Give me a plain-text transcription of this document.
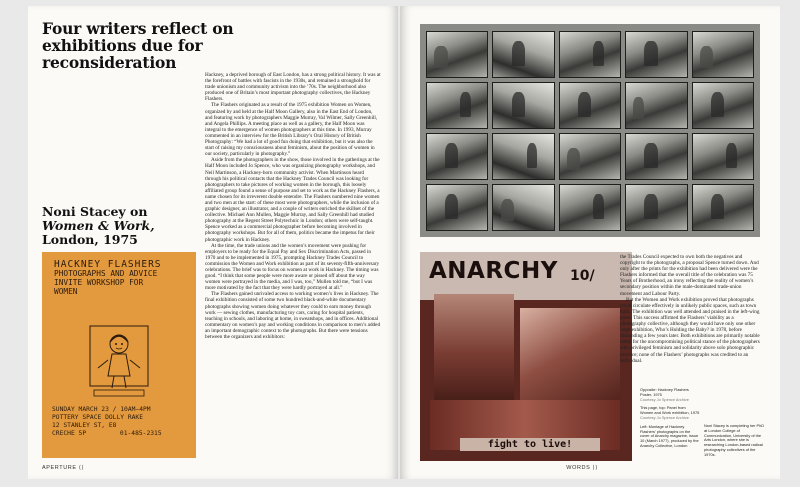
Four writers reflect on exhibitions due for reconsideration

Hackney, a deprived borough of East London, has a strong political history. It was at the forefront of battles with fascists in the 1930s, and remained a stronghold for trade unionism and community activism into the ’70s. The neighborhood also produced one of Britain’s most important photography collectives, the Hackney Flashers.

The Flashers originated as a result of the 1975 exhibition Women on Women, organized by and held at the Half Moon Gallery, also in the East End of London, and featuring work by photographers Maggie Murray, Val Wilmer, Sally Greenhill, and Angela Phillips. A meeting place as well as a gallery, the Half Moon was integral to the emergence of women photographers at this time. In 1993, Murray commented in an interview for the British Library’s Oral History of British Photography: “We had a lot of good fun doing that exhibition, but it was also the start of raising my consciousness about feminism, about the position of women in our society, particularly in photography.”

Aside from the photographers in the show, those involved in the gatherings at the Half Moon included Jo Spence, who was organizing photography workshops, and Neil Martinson, a Hackney-born community activist. When Martinson heard through his political contacts that the Hackney Trades Council was looking for photographers to take pictures of working women in the borough, this loosely affiliated group found a sense of purpose and set to work as the Hackney Flashers, a name chosen for its irreverent double entendre. The Flashers numbered nine women and two men at the start: of these most were photographers, while the inclusion of a graphic designer, an illustrator, and a couple of writers enriched the skillset of the collective. Michael Ann Mullen, Maggie Murray, and Sally Greenhill had studied photography at the Regent Street Polytechnic in London; others were self-taught. Spence worked as a commercial photographer before becoming involved in photography workshops. But for all of them, politics became the impetus for their photographic work in Hackney.

At the time, the trade unions and the women’s movement were pushing for employers to be ready for the Equal Pay and Sex Discrimination Acts, passed in 1970 and to be implemented in 1975, prompting Hackney Trades Council to commission the Women and Work exhibition as part of its seventy-fifth-anniversary celebrations. The brief was to focus on women at work in Hackney. The timing was good. “I think that some people were more aware or pissed off about the way women were portrayed in the media, and I was, too,” Mullen told me, “but I was more motivated by the fact that they were hardly portrayed at all.”

The Flashers gained unrivaled access to working women’s lives in Hackney. The final exhibition consisted of some two hundred black-and-white documentary photographs showing women doing whatever they could to earn money through work — sewing clothes, manufacturing toy cars, caring for hospital patients, teaching in schools, and laboring at home, in sweatshops, and in offices. Additional commentary on women’s pay and working conditions in comparison to men’s added an important demographic context to the photographs. But there were tensions between the organizers and exhibitors:

Noni Stacey on
Women & Work,
London, 1975
HACKNEY FLASHERS
PHOTOGRAPHS AND ADVICE
INVITE WORKSHOP FOR
WOMEN
SUNDAY MARCH 23 / 10AM–4PM
POTTERY SPACE DOLLY RAKE
12 STANLEY ST, E8
CRECHE 5P	01-485-2315
APERTURE ⟨⟨
ANARCHY 10/
fight to live!

the Trades Council expected to own both the negatives and copyright to the photographs, a proposal Spence turned down. And only after the prints for the exhibition had been delivered were the Flashers informed that the overall title of the celebration was 75 Years of Brotherhood, an irony reflecting the reality of women’s secondary position within the male-dominated trade-union movement and Labour Party.

But the Women and Work exhibition proved that photographs could circulate effectively in unlikely public spaces, such as town halls. The exhibition was well attended and praised in the left-wing press. This success affirmed the Flashers’ viability as a photography collective, although they would have only one other large exhibition, Who’s Holding the Baby? in 1978, before disbanding a few years later. Both exhibitions are primarily notable today for the uncompromising political stance of the photographers who privileged feminism and solidarity above solo photographic practice; none of the Flashers’ photographs was credited to an individual.

Opposite: Hackney Flashers Poster, 1975
Courtesy Jo Spence Archive
This page, top: Panel from Women and Work exhibition, 1975
Courtesy Jo Spence Archive
Left: Montage of Hackney Flashers’ photographs on the cover of Anarchy magazine, issue 10 (March 1977), produced by the Anarchy Collective, London
Noni Stacey is completing her PhD at London College of Communication, University of the Arts London, where she is researching London-based radical photography collectives of the 1970s.
WORDS ⟩⟩
